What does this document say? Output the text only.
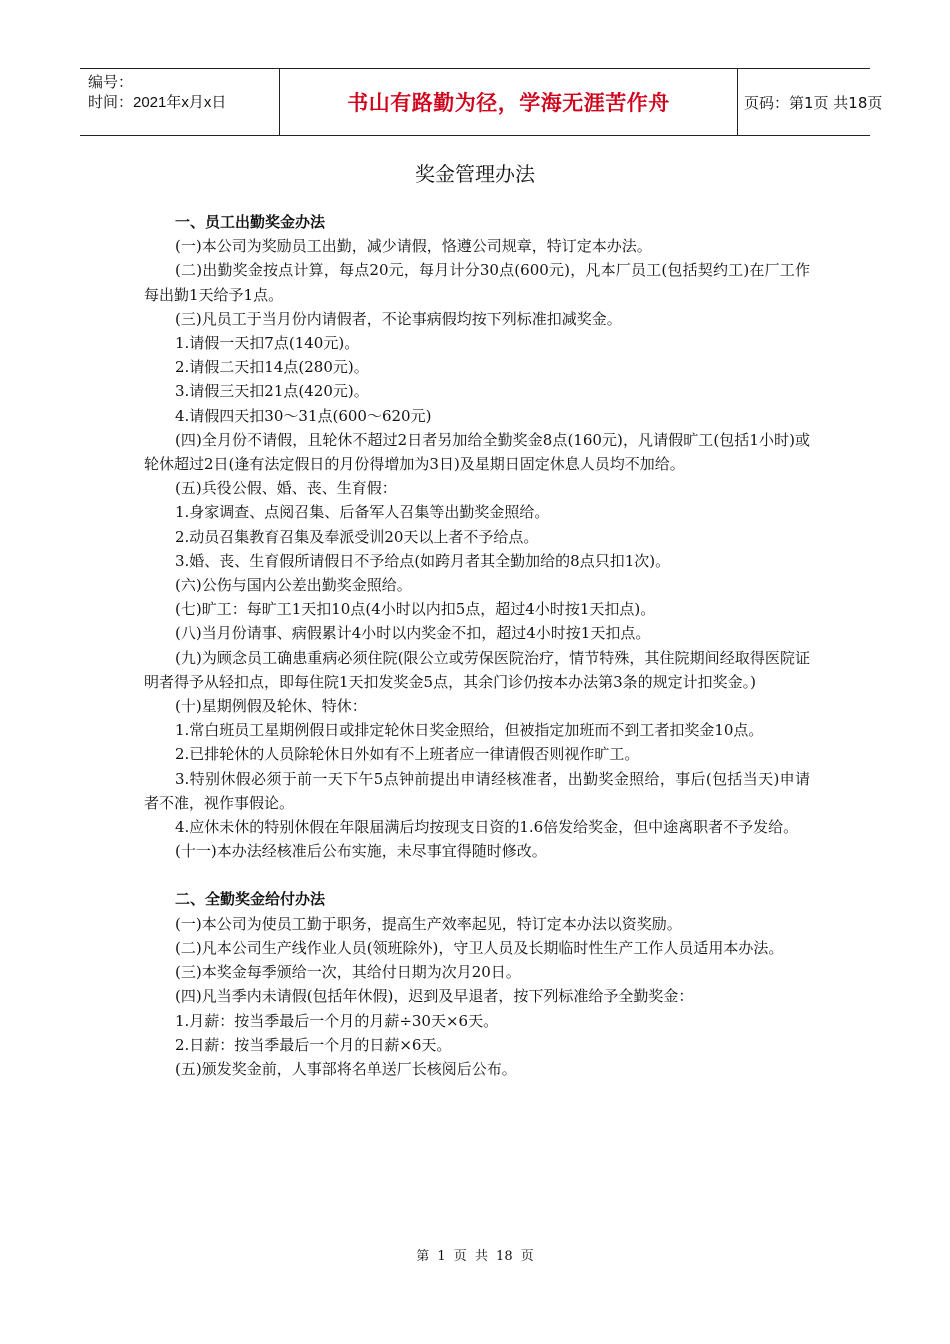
编号：
时间：2021年x月x日	书山有路勤为径，学海无涯苦作舟	页码：第1页 共18页
奖金管理办法

一、员工出勤奖金办法

(一)本公司为奖励员工出勤，减少请假，恪遵公司规章，特订定本办法。

(二)出勤奖金按点计算，每点20元，每月计分30点(600元)，凡本厂员工(包括契约工)在厂工作每出勤1天给予1点。

(三)凡员工于当月份内请假者，不论事病假均按下列标准扣减奖金。

1.请假一天扣7点(140元)。

2.请假二天扣14点(280元)。

3.请假三天扣21点(420元)。

4.请假四天扣30～31点(600～620元)

(四)全月份不请假，且轮休不超过2日者另加给全勤奖金8点(160元)，凡请假旷工(包括1小时)或轮休超过2日(逢有法定假日的月份得增加为3日)及星期日固定休息人员均不加给。

(五)兵役公假、婚、丧、生育假：

1.身家调查、点阅召集、后备军人召集等出勤奖金照给。

2.动员召集教育召集及奉派受训20天以上者不予给点。

3.婚、丧、生育假所请假日不予给点(如跨月者其全勤加给的8点只扣1次)。

(六)公伤与国内公差出勤奖金照给。

(七)旷工：每旷工1天扣10点(4小时以内扣5点，超过4小时按1天扣点)。

(八)当月份请事、病假累计4小时以内奖金不扣，超过4小时按1天扣点。

(九)为顾念员工确患重病必须住院(限公立或劳保医院治疗，情节特殊，其住院期间经取得医院证明者得予从轻扣点，即每住院1天扣发奖金5点，其余门诊仍按本办法第3条的规定计扣奖金。)

(十)星期例假及轮休、特休：

1.常白班员工星期例假日或排定轮休日奖金照给，但被指定加班而不到工者扣奖金10点。

2.已排轮休的人员除轮休日外如有不上班者应一律请假否则视作旷工。

3.特别休假必须于前一天下午5点钟前提出申请经核准者，出勤奖金照给，事后(包括当天)申请者不准，视作事假论。

4.应休未休的特别休假在年限届满后均按现支日资的1.6倍发给奖金，但中途离职者不予发给。

(十一)本办法经核准后公布实施，未尽事宜得随时修改。

二、全勤奖金给付办法

(一)本公司为使员工勤于职务，提高生产效率起见，特订定本办法以资奖励。

(二)凡本公司生产线作业人员(领班除外)，守卫人员及长期临时性生产工作人员适用本办法。

(三)本奖金每季颁给一次，其给付日期为次月20日。

(四)凡当季内未请假(包括年休假)，迟到及早退者，按下列标准给予全勤奖金：

1.月薪：按当季最后一个月的月薪÷30天×6天。

2.日薪：按当季最后一个月的日薪×6天。

(五)颁发奖金前，人事部将名单送厂长核阅后公布。

第 1 页 共 18 页
